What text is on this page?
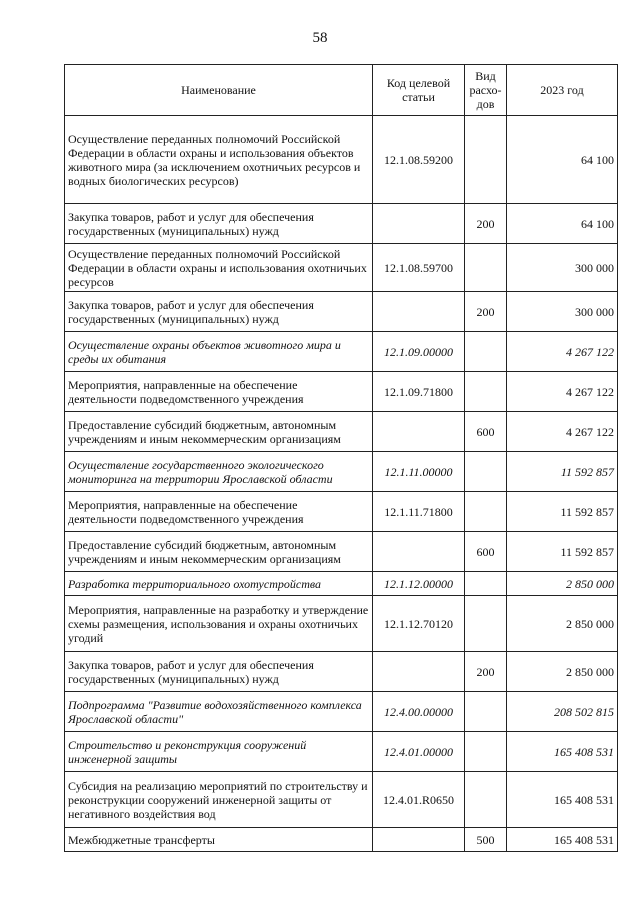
58
Наименование	Код целевой статьи	Вид расхо-дов	2023 год
Осуществление переданных полномочий Российской Федерации в области охраны и использования объектов животного мира (за исключением охотничьих ресурсов и водных биологических ресурсов)	12.1.08.59200		64 100
Закупка товаров, работ и услуг для обеспечения государственных (муниципальных) нужд		200	64 100
Осуществление переданных полномочий Российской Федерации в области охраны и использования охотничьих ресурсов	12.1.08.59700		300 000
Закупка товаров, работ и услуг для обеспечения государственных (муниципальных) нужд		200	300 000
Осуществление охраны объектов животного мира и среды их обитания	12.1.09.00000		4 267 122
Мероприятия, направленные на обеспечение деятельности подведомственного учреждения	12.1.09.71800		4 267 122
Предоставление субсидий бюджетным, автономным учреждениям и иным некоммерческим организациям		600	4 267 122
Осуществление государственного экологического мониторинга на территории Ярославской области	12.1.11.00000		11 592 857
Мероприятия, направленные на обеспечение деятельности подведомственного учреждения	12.1.11.71800		11 592 857
Предоставление субсидий бюджетным, автономным учреждениям и иным некоммерческим организациям		600	11 592 857
Разработка территориального охотустройства	12.1.12.00000		2 850 000
Мероприятия, направленные на разработку и утверждение схемы размещения, использования и охраны охотничьих угодий	12.1.12.70120		2 850 000
Закупка товаров, работ и услуг для обеспечения государственных (муниципальных) нужд		200	2 850 000
Подпрограмма "Развитие водохозяйственного комплекса Ярославской области"	12.4.00.00000		208 502 815
Строительство и реконструкция сооружений инженерной защиты	12.4.01.00000		165 408 531
Субсидия на реализацию мероприятий по строительству и реконструкции сооружений инженерной защиты от негативного воздействия вод	12.4.01.R0650		165 408 531
Межбюджетные трансферты		500	165 408 531
